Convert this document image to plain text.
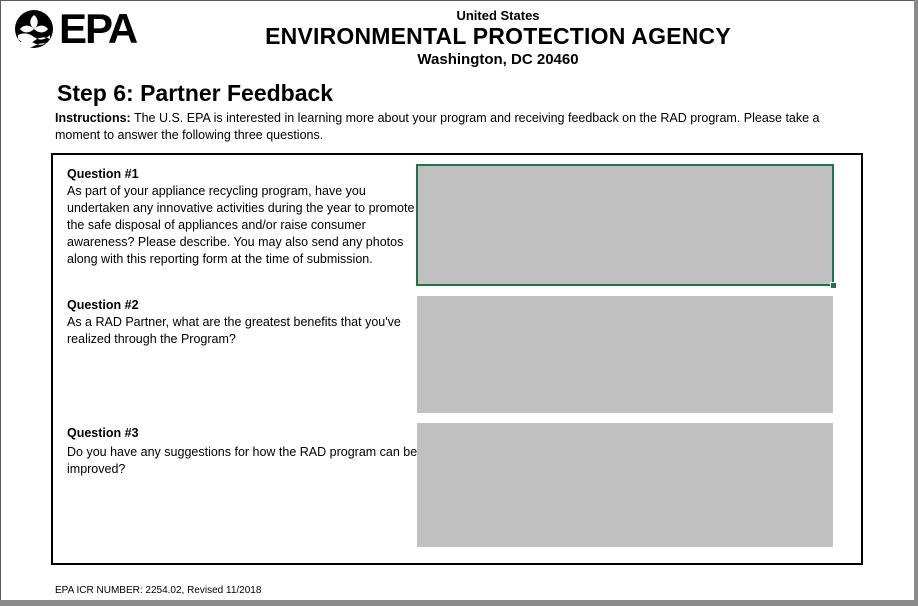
EPA	United States
ENVIRONMENTAL PROTECTION AGENCY
Washington, DC 20460
Step 6: Partner Feedback
Instructions: The U.S. EPA is interested in learning more about your program and receiving feedback on the RAD program. Please take a moment to answer the following three questions.
Question #1
As part of your appliance recycling program, have you undertaken any innovative activities during the year to promote the safe disposal of appliances and/or raise consumer awareness? Please describe. You may also send any photos along with this reporting form at the time of submission.
Question #2
As a RAD Partner, what are the greatest benefits that you've realized through the Program?
Question #3
Do you have any suggestions for how the RAD program can be improved?
EPA ICR NUMBER: 2254.02, Revised 11/2018
